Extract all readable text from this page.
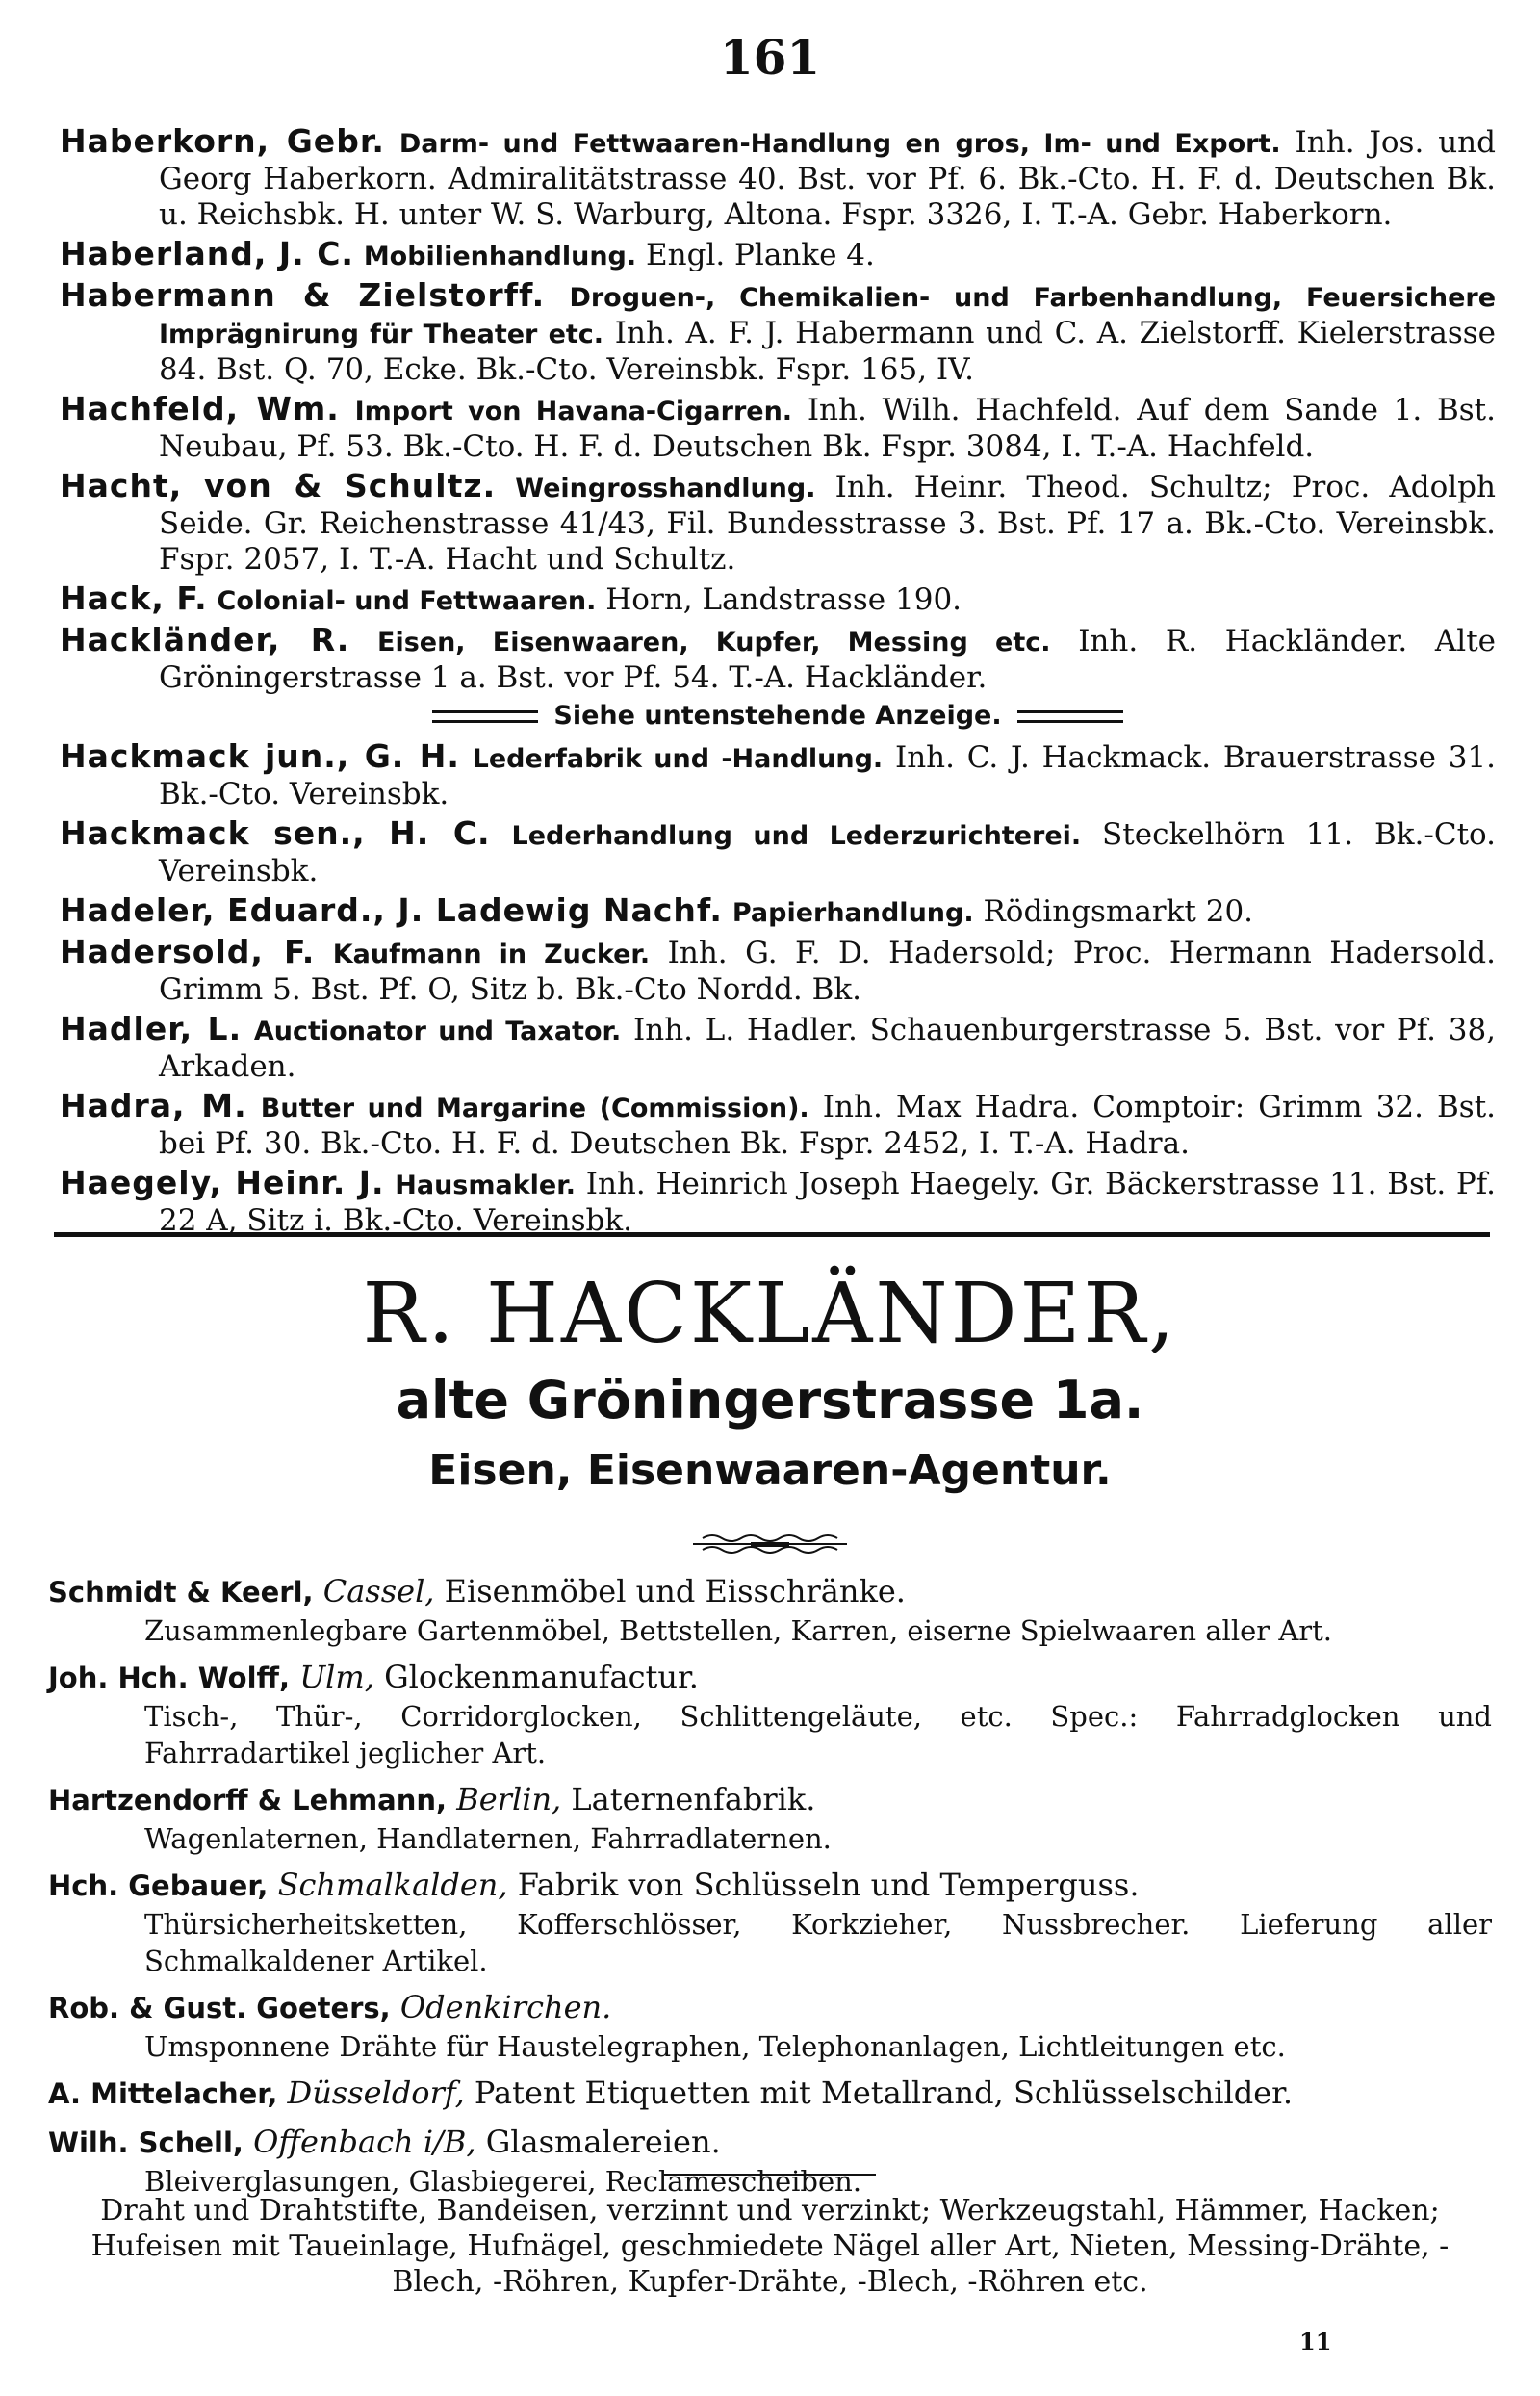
161
Haberkorn, Gebr. Darm- und Fettwaaren-Handlung en gros, Im- und Export. Inh. Jos. und Georg Haberkorn. Admiralitätstrasse 40. Bst. vor Pf. 6. Bk.-Cto. H. F. d. Deutschen Bk. u. Reichsbk. H. unter W. S. Warburg, Altona. Fspr. 3326, I. T.-A. Gebr. Haberkorn.
Haberland, J. C. Mobilienhandlung. Engl. Planke 4.
Habermann & Zielstorff. Droguen-, Chemikalien- und Farbenhandlung, Feuersichere Imprägnirung für Theater etc. Inh. A. F. J. Habermann und C. A. Zielstorff. Kielerstrasse 84. Bst. Q. 70, Ecke. Bk.-Cto. Vereinsbk. Fspr. 165, IV.
Hachfeld, Wm. Import von Havana-Cigarren. Inh. Wilh. Hachfeld. Auf dem Sande 1. Bst. Neubau, Pf. 53. Bk.-Cto. H. F. d. Deutschen Bk. Fspr. 3084, I. T.-A. Hachfeld.
Hacht, von & Schultz. Weingrosshandlung. Inh. Heinr. Theod. Schultz; Proc. Adolph Seide. Gr. Reichenstrasse 41/43, Fil. Bundesstrasse 3. Bst. Pf. 17 a. Bk.-Cto. Vereinsbk. Fspr. 2057, I. T.-A. Hacht und Schultz.
Hack, F. Colonial- und Fettwaaren. Horn, Landstrasse 190.
Hackländer, R. Eisen, Eisenwaaren, Kupfer, Messing etc. Inh. R. Hackländer. Alte Gröningerstrasse 1 a. Bst. vor Pf. 54. T.-A. Hackländer.
Siehe untenstehende Anzeige.
Hackmack jun., G. H. Lederfabrik und -Handlung. Inh. C. J. Hackmack. Brauerstrasse 31. Bk.-Cto. Vereinsbk.
Hackmack sen., H. C. Lederhandlung und Lederzurichterei. Steckelhörn 11. Bk.-Cto. Vereinsbk.
Hadeler, Eduard., J. Ladewig Nachf. Papierhandlung. Rödingsmarkt 20.
Hadersold, F. Kaufmann in Zucker. Inh. G. F. D. Hadersold; Proc. Hermann Hadersold. Grimm 5. Bst. Pf. O, Sitz b. Bk.-Cto Nordd. Bk.
Hadler, L. Auctionator und Taxator. Inh. L. Hadler. Schauenburgerstrasse 5. Bst. vor Pf. 38, Arkaden.
Hadra, M. Butter und Margarine (Commission). Inh. Max Hadra. Comptoir: Grimm 32. Bst. bei Pf. 30. Bk.-Cto. H. F. d. Deutschen Bk. Fspr. 2452, I. T.-A. Hadra.
Haegely, Heinr. J. Hausmakler. Inh. Heinrich Joseph Haegely. Gr. Bäckerstrasse 11. Bst. Pf. 22 A, Sitz i. Bk.-Cto. Vereinsbk.
R. HACKLÄNDER,
alte Gröningerstrasse 1a.
Eisen, Eisenwaaren-Agentur.
Schmidt & Keerl, Cassel, Eisenmöbel und Eisschränke.
Zusammenlegbare Gartenmöbel, Bettstellen, Karren, eiserne Spielwaaren aller Art.
Joh. Hch. Wolff, Ulm, Glockenmanufactur.
Tisch-, Thür-, Corridorglocken, Schlittengeläute, etc. Spec.: Fahrradglocken und Fahrradartikel jeglicher Art.
Hartzendorff & Lehmann, Berlin, Laternenfabrik.
Wagenlaternen, Handlaternen, Fahrradlaternen.
Hch. Gebauer, Schmalkalden, Fabrik von Schlüsseln und Temperguss.
Thürsicherheitsketten, Kofferschlösser, Korkzieher, Nussbrecher. Lieferung aller Schmalkaldener Artikel.
Rob. & Gust. Goeters, Odenkirchen.
Umsponnene Drähte für Haustelegraphen, Telephonanlagen, Lichtleitungen etc.
A. Mittelacher, Düsseldorf, Patent Etiquetten mit Metallrand, Schlüsselschilder.
Wilh. Schell, Offenbach i/B, Glasmalereien.
Bleiverglasungen, Glasbiegerei, Reclamescheiben.
Draht und Drahtstifte, Bandeisen, verzinnt und verzinkt; Werkzeugstahl, Hämmer, Hacken; Hufeisen mit Taueinlage, Hufnägel, geschmiedete Nägel aller Art, Nieten, Messing-Drähte, -Blech, -Röhren, Kupfer-Drähte, -Blech, -Röhren etc.
11
